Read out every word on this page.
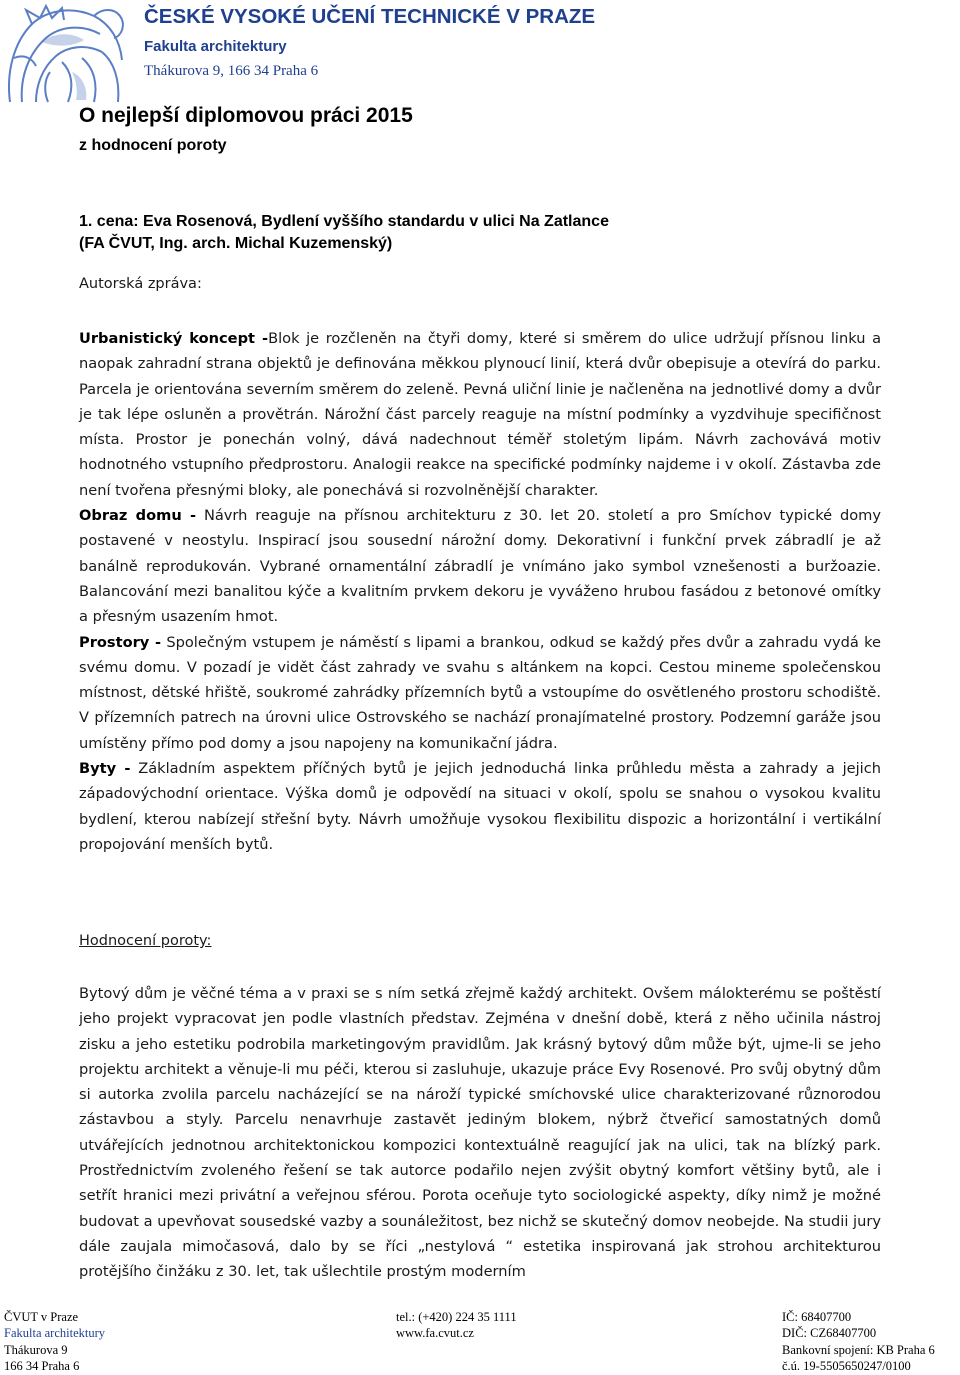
ČESKÉ VYSOKÉ UČENÍ TECHNICKÉ V PRAZE
Fakulta architektury
Thákurova 9, 166 34 Praha 6
O nejlepší diplomovou práci 2015
z hodnocení poroty
1. cena: Eva Rosenová, Bydlení vyššího standardu v ulici Na Zatlance
(FA ČVUT, Ing. arch. Michal Kuzemenský)
Autorská zpráva:
Urbanistický koncept -Blok je rozčleněn na čtyři domy, které si směrem do ulice udržují přísnou linku a naopak zahradní strana objektů je definována měkkou plynoucí linií, která dvůr obepisuje a otevírá do parku. Parcela je orientována severním směrem do zeleně. Pevná uliční linie je načleněna na jednotlivé domy a dvůr je tak lépe osluněn a provětrán. Nárožní část parcely reaguje na místní podmínky a vyzdvihuje specifičnost místa. Prostor je ponechán volný, dává nadechnout téměř stoletým lipám. Návrh zachovává motiv hodnotného vstupního předprostoru. Analogii reakce na specifické podmínky najdeme i v okolí. Zástavba zde není tvořena přesnými bloky, ale ponechává si rozvolněnější charakter.
Obraz domu - Návrh reaguje na přísnou architekturu z 30. let 20. století a pro Smíchov typické domy postavené v neostylu. Inspirací jsou sousední nárožní domy. Dekorativní i funkční prvek zábradlí je až banálně reprodukován. Vybrané ornamentální zábradlí je vnímáno jako symbol vznešenosti a buržoazie. Balancování mezi banalitou kýče a kvalitním prvkem dekoru je vyváženo hrubou fasádou z betonové omítky a přesným usazením hmot.
Prostory - Společným vstupem je náměstí s lipami a brankou, odkud se každý přes dvůr a zahradu vydá ke svému domu. V pozadí je vidět část zahrady ve svahu s altánkem na kopci. Cestou mineme společenskou místnost, dětské hřiště, soukromé zahrádky přízemních bytů a vstoupíme do osvětleného prostoru schodiště. V přízemních patrech na úrovni ulice Ostrovského se nachází pronajímatelné prostory. Podzemní garáže jsou umístěny přímo pod domy a jsou napojeny na komunikační jádra.
Byty - Základním aspektem příčných bytů je jejich jednoduchá linka průhledu města a zahrady a jejich západovýchodní orientace. Výška domů je odpovědí na situaci v okolí, spolu se snahou o vysokou kvalitu bydlení, kterou nabízejí střešní byty. Návrh umožňuje vysokou flexibilitu dispozic a horizontální i vertikální propojování menších bytů.
Hodnocení poroty:
Bytový dům je věčné téma a v praxi se s ním setká zřejmě každý architekt. Ovšem málokterému se poštěstí jeho projekt vypracovat jen podle vlastních představ. Zejména v dnešní době, která z něho učinila nástroj zisku a jeho estetiku podrobila marketingovým pravidlům. Jak krásný bytový dům může být, ujme-li se jeho projektu architekt a věnuje-li mu péči, kterou si zasluhuje, ukazuje práce Evy Rosenové. Pro svůj obytný dům si autorka zvolila parcelu nacházející se na nároží typické smíchovské ulice charakterizované různorodou zástavbou a styly. Parcelu nenavrhuje zastavět jediným blokem, nýbrž čtveřicí samostatných domů utvářejících jednotnou architektonickou kompozici kontextuálně reagující jak na ulici, tak na blízký park. Prostřednictvím zvoleného řešení se tak autorce podařilo nejen zvýšit obytný komfort většiny bytů, ale i setřít hranici mezi privátní a veřejnou sférou. Porota oceňuje tyto sociologické aspekty, díky nimž je možné budovat a upevňovat sousedské vazby a sounáležitost, bez nichž se skutečný domov neobejde. Na studii jury dále zaujala mimočasová, dalo by se říci „nestylová “ estetika inspirovaná jak strohou architekturou protějšího činžáku z 30. let, tak ušlechtile prostým moderním
ČVUT v Praze
Fakulta architektury
Thákurova 9
166 34 Praha 6
tel.: (+420) 224 35 1111
www.fa.cvut.cz
IČ: 68407700
DIČ: CZ68407700
Bankovní spojení: KB Praha 6
č.ú. 19-5505650247/0100
